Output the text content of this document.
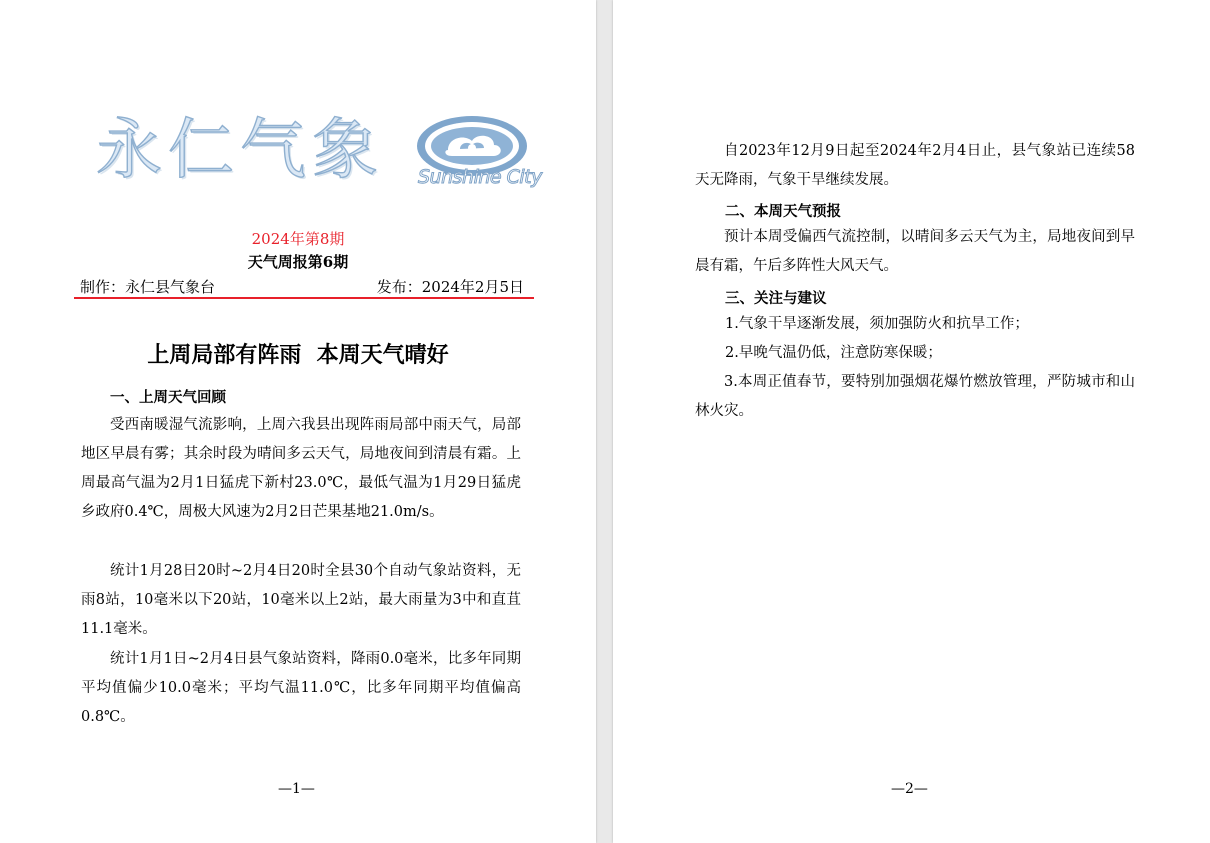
永仁气象 Sunshine City
2024年第8期
天气周报第6期
制作：永仁县气象台	发布：2024年2月5日
上周局部有阵雨  本周天气晴好
一、上周天气回顾

受西南暖湿气流影响，上周六我县出现阵雨局部中雨天气，局部地区早晨有雾；其余时段为晴间多云天气，局地夜间到清晨有霜。上周最高气温为2月1日猛虎下新村23.0℃，最低气温为1月29日猛虎乡政府0.4℃，周极大风速为2月2日芒果基地21.0m/s。

统计1月28日20时~2月4日20时全县30个自动气象站资料，无雨8站，10毫米以下20站，10毫米以上2站，最大雨量为3中和直苴11.1毫米。

统计1月1日~2月4日县气象站资料，降雨0.0毫米，比多年同期平均值偏少10.0毫米；平均气温11.0℃，比多年同期平均值偏高0.8℃。

—1—

自2023年12月9日起至2024年2月4日止，县气象站已连续58天无降雨，气象干旱继续发展。

二、本周天气预报

预计本周受偏西气流控制，以晴间多云天气为主，局地夜间到早晨有霜，午后多阵性大风天气。

三、关注与建议
1.气象干旱逐渐发展，须加强防火和抗旱工作；
2.早晚气温仍低，注意防寒保暖；

3.本周正值春节，要特别加强烟花爆竹燃放管理，严防城市和山林火灾。

—2—
